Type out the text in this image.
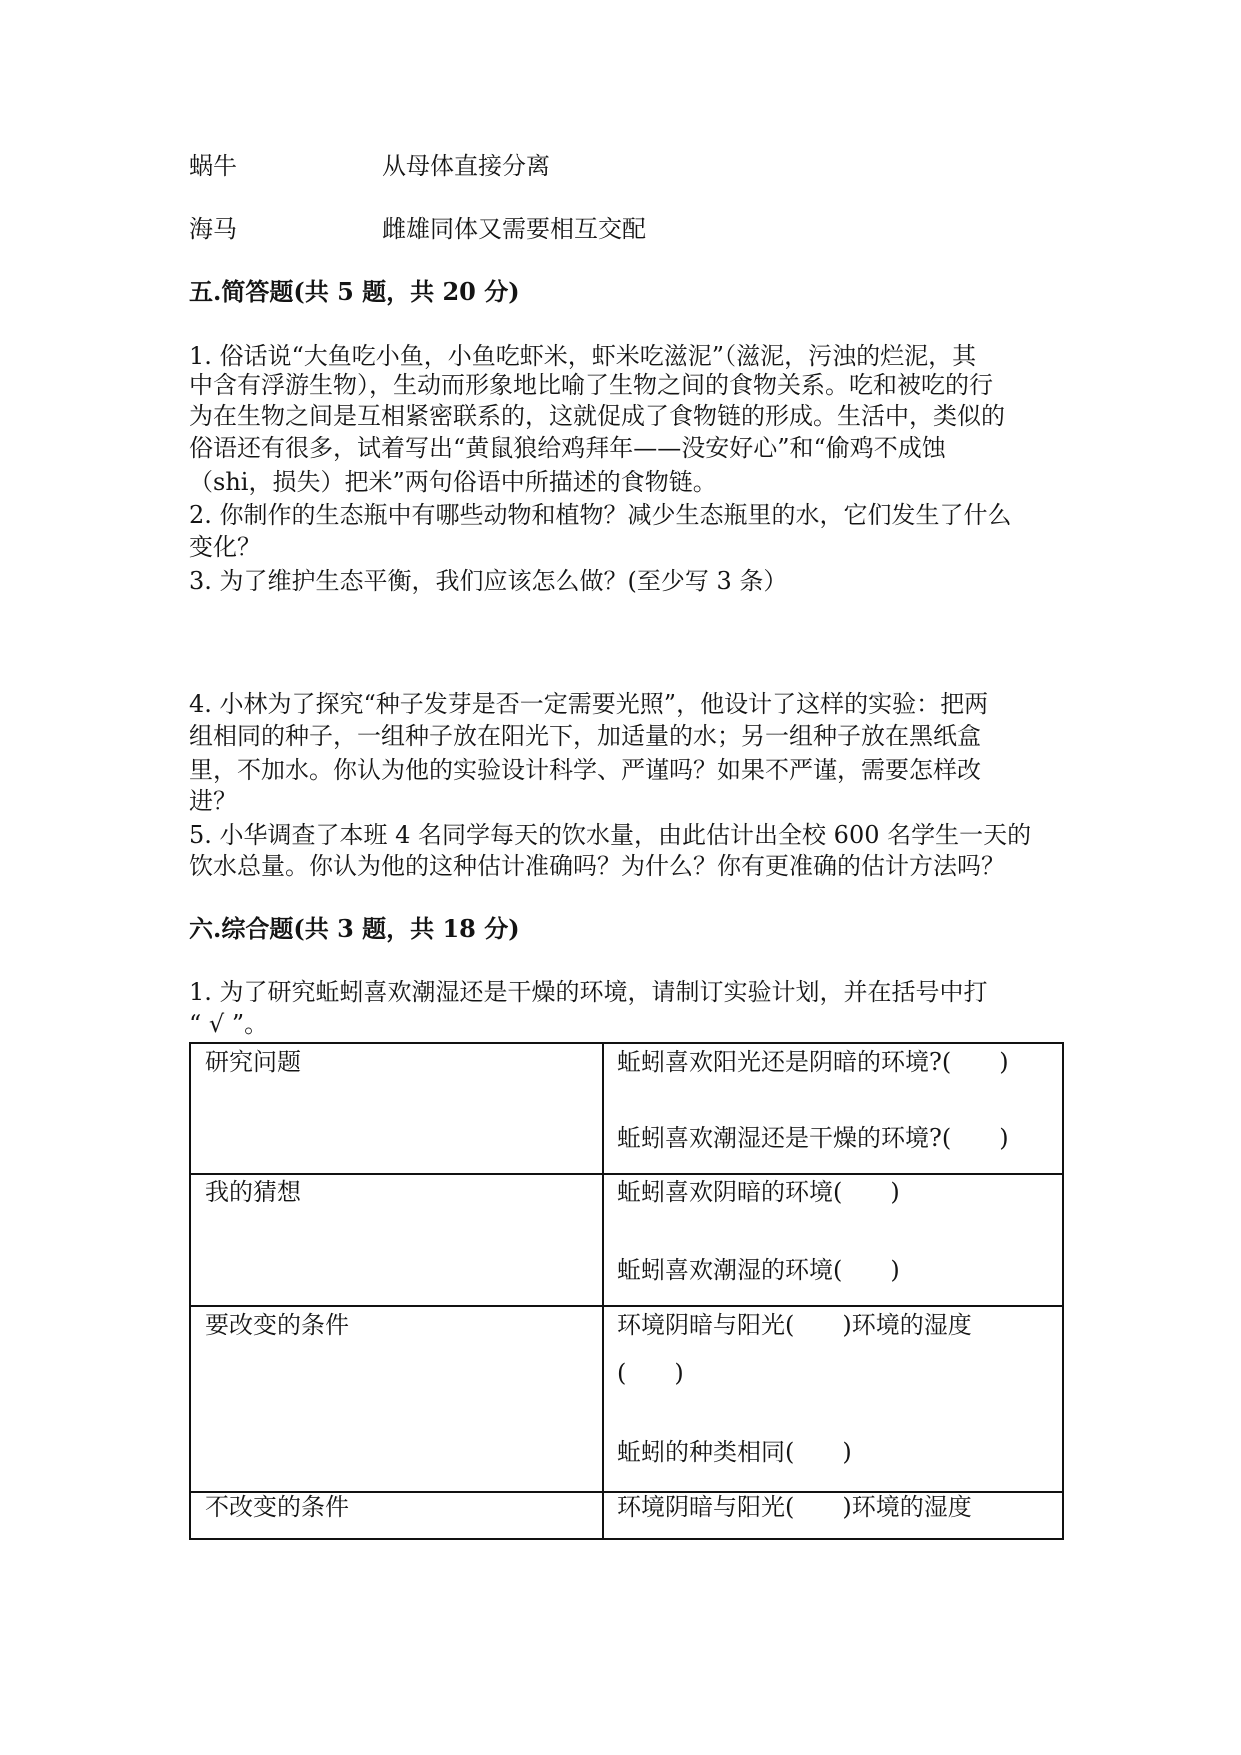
蜗牛	从母体直接分离
海马	雌雄同体又需要相互交配
五.简答题(共 5 题，共 20 分)
1. 俗话说“大鱼吃小鱼，小鱼吃虾米，虾米吃滋泥”（滋泥，污浊的烂泥，其
中含有浮游生物），生动而形象地比喻了生物之间的食物关系。吃和被吃的行
为在生物之间是互相紧密联系的，这就促成了食物链的形成。生活中，类似的
俗语还有很多，试着写出“黄鼠狼给鸡拜年——没安好心”和“偷鸡不成蚀
（shi，损失）把米”两句俗语中所描述的食物链。
2. 你制作的生态瓶中有哪些动物和植物？减少生态瓶里的水，它们发生了什么
变化？
3. 为了维护生态平衡，我们应该怎么做？(至少写 3 条）
4. 小林为了探究“种子发芽是否一定需要光照”，他设计了这样的实验：把两
组相同的种子，一组种子放在阳光下，加适量的水；另一组种子放在黑纸盒
里，不加水。你认为他的实验设计科学、严谨吗？如果不严谨，需要怎样改
进？
5. 小华调查了本班 4 名同学每天的饮水量，由此估计出全校 600 名学生一天的
饮水总量。你认为他的这种估计准确吗？为什么？你有更准确的估计方法吗？
六.综合题(共 3 题，共 18 分)
1. 为了研究蚯蚓喜欢潮湿还是干燥的环境，请制订实验计划，并在括号中打
“ √ ”。
研究问题	蚯蚓喜欢阳光还是阴暗的环境?(　　)
蚯蚓喜欢潮湿还是干燥的环境?(　　)

我的猜想	蚯蚓喜欢阴暗的环境(　　)
蚯蚓喜欢潮湿的环境(　　)

要改变的条件	环境阴暗与阳光(　　)环境的湿度
(　　)
蚯蚓的种类相同(　　)

不改变的条件	环境阴暗与阳光(　　)环境的湿度
